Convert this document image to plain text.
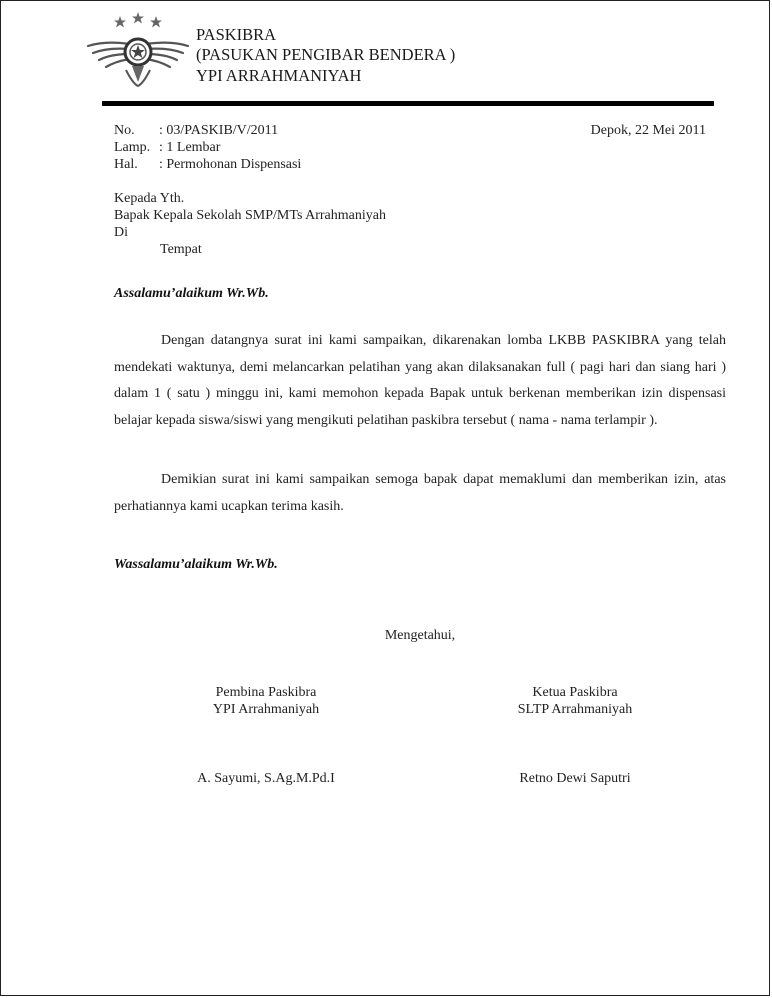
PASKIBRA
(PASUKAN PENGIBAR BENDERA )
YPI ARRAHMANIYAH
No. : 03/PASKIB/V/2011
Lamp. : 1 Lembar
Hal. : Permohonan Dispensasi
Depok, 22 Mei 2011
Kepada Yth.
Bapak Kepala Sekolah SMP/MTs Arrahmaniyah
Di
Tempat
Assalamu’alaikum Wr.Wb.
Dengan datangnya surat ini kami sampaikan, dikarenakan lomba LKBB PASKIBRA yang telah mendekati waktunya, demi melancarkan pelatihan yang akan dilaksanakan full ( pagi hari dan siang hari ) dalam 1 ( satu ) minggu ini, kami memohon kepada Bapak untuk berkenan memberikan izin dispensasi belajar kepada siswa/siswi yang mengikuti pelatihan paskibra tersebut ( nama - nama terlampir ).
Demikian surat ini kami sampaikan semoga bapak dapat memaklumi dan memberikan izin, atas perhatiannya kami ucapkan terima kasih.
Wassalamu’alaikum Wr.Wb.
Mengetahui,
Pembina Paskibra
YPI Arrahmaniyah
A. Sayumi, S.Ag.M.Pd.I
Ketua Paskibra
SLTP Arrahmaniyah
Retno Dewi Saputri
